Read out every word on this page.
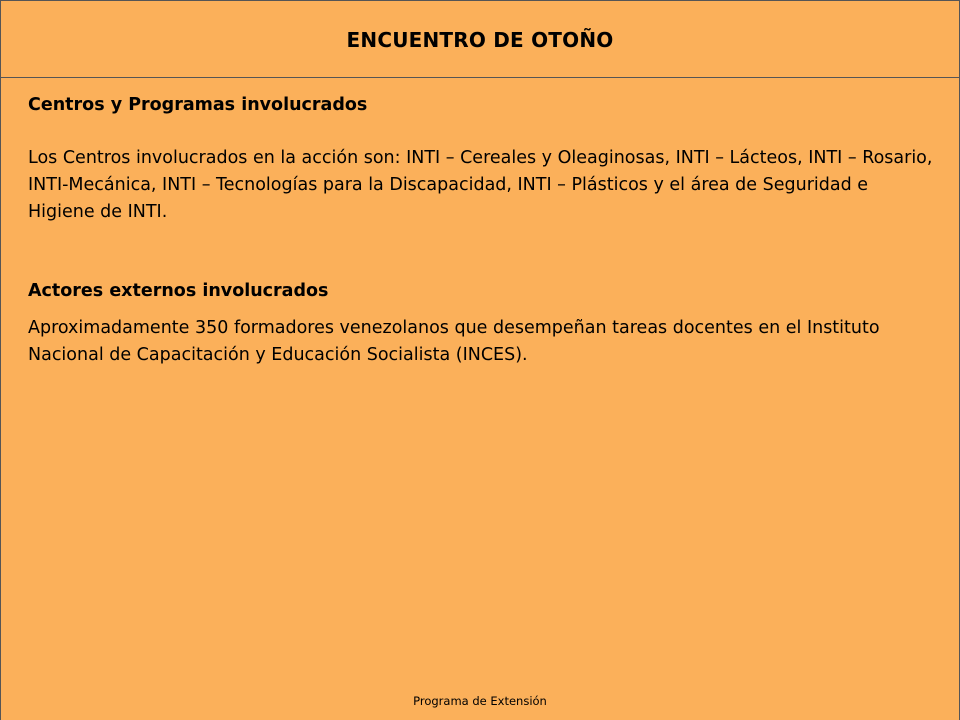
ENCUENTRO DE OTOÑO

Centros y Programas involucrados

Los Centros involucrados en la acción son: INTI – Cereales y Oleaginosas, INTI – Lácteos, INTI – Rosario, INTI-Mecánica, INTI – Tecnologías para la Discapacidad, INTI – Plásticos y el área de Seguridad e Higiene de INTI.

Actores externos involucrados

Aproximadamente 350 formadores venezolanos que desempeñan tareas docentes en el Instituto Nacional de Capacitación y Educación Socialista (INCES).

Programa de Extensión
